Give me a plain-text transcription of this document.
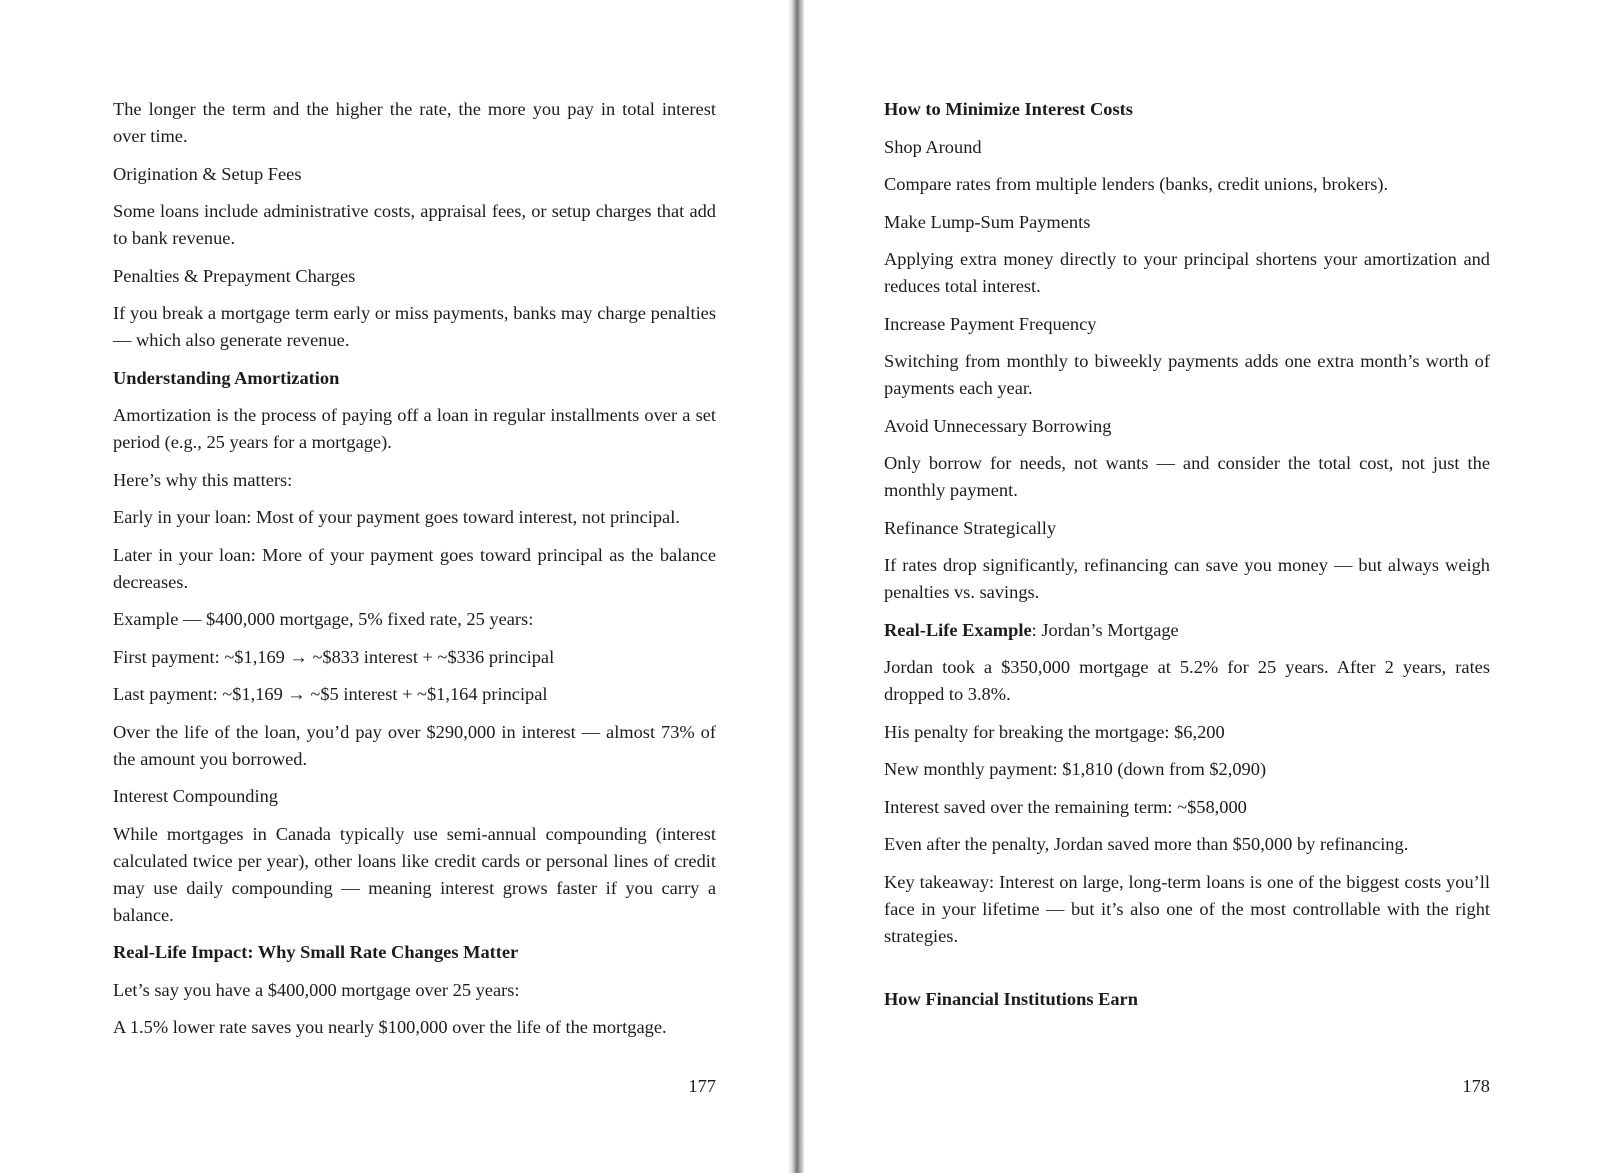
The longer the term and the higher the rate, the more you pay in total interest over time.

Origination & Setup Fees

Some loans include administrative costs, appraisal fees, or setup charges that add to bank revenue.

Penalties & Prepayment Charges

If you break a mortgage term early or miss payments, banks may charge penalties — which also generate revenue.

Understanding Amortization

Amortization is the process of paying off a loan in regular installments over a set period (e.g., 25 years for a mortgage).

Here’s why this matters:

Early in your loan: Most of your payment goes toward interest, not principal.

Later in your loan: More of your payment goes toward principal as the balance decreases.

Example — $400,000 mortgage, 5% fixed rate, 25 years:

First payment: ~$1,169 → ~$833 interest + ~$336 principal

Last payment: ~$1,169 → ~$5 interest + ~$1,164 principal

Over the life of the loan, you’d pay over $290,000 in interest — almost 73% of the amount you borrowed.

Interest Compounding

While mortgages in Canada typically use semi-annual compounding (interest calculated twice per year), other loans like credit cards or personal lines of credit may use daily compounding — meaning interest grows faster if you carry a balance.

Real-Life Impact: Why Small Rate Changes Matter

Let’s say you have a $400,000 mortgage over 25 years:

A 1.5% lower rate saves you nearly $100,000 over the life of the mortgage.

177

How to Minimize Interest Costs

Shop Around

Compare rates from multiple lenders (banks, credit unions, brokers).

Make Lump-Sum Payments

Applying extra money directly to your principal shortens your amortization and reduces total interest.

Increase Payment Frequency

Switching from monthly to biweekly payments adds one extra month’s worth of payments each year.

Avoid Unnecessary Borrowing

Only borrow for needs, not wants — and consider the total cost, not just the monthly payment.

Refinance Strategically

If rates drop significantly, refinancing can save you money — but always weigh penalties vs. savings.

Real-Life Example: Jordan’s Mortgage

Jordan took a $350,000 mortgage at 5.2% for 25 years. After 2 years, rates dropped to 3.8%.

His penalty for breaking the mortgage: $6,200

New monthly payment: $1,810 (down from $2,090)

Interest saved over the remaining term: ~$58,000

Even after the penalty, Jordan saved more than $50,000 by refinancing.

Key takeaway: Interest on large, long-term loans is one of the biggest costs you’ll face in your lifetime — but it’s also one of the most controllable with the right strategies.

How Financial Institutions Earn

178
